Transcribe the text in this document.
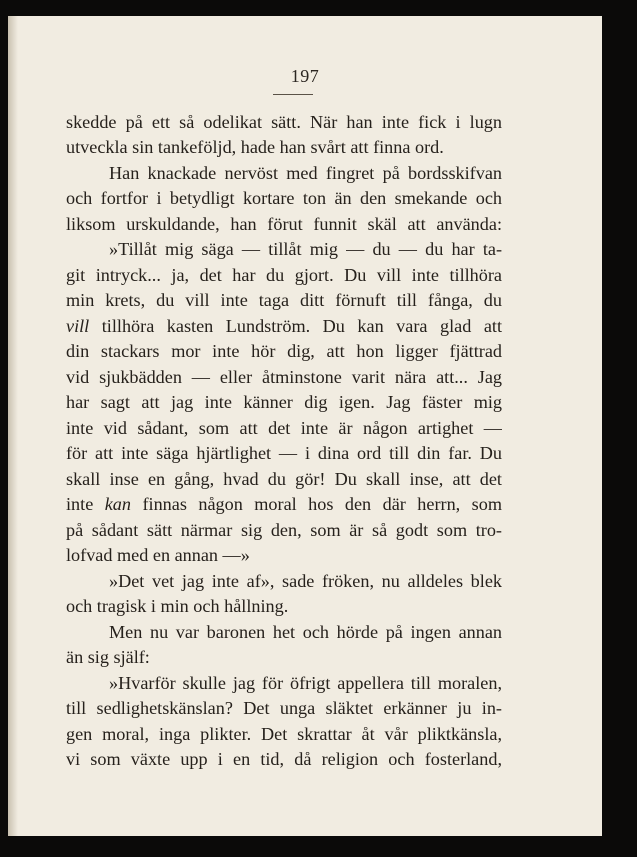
197
skedde på ett så odelikat sätt. När han inte fick i lugn
utveckla sin tankeföljd, hade han svårt att finna ord.
Han knackade nervöst med fingret på bordsskifvan
och fortfor i betydligt kortare ton än den smekande och
liksom urskuldande, han förut funnit skäl att använda:
»Tillåt mig säga — tillåt mig — du — du har ta-
git intryck... ja, det har du gjort. Du vill inte tillhöra
min krets, du vill inte taga ditt förnuft till fånga, du
vill tillhöra kasten Lundström. Du kan vara glad att
din stackars mor inte hör dig, att hon ligger fjättrad
vid sjukbädden — eller åtminstone varit nära att... Jag
har sagt att jag inte känner dig igen. Jag fäster mig
inte vid sådant, som att det inte är någon artighet —
för att inte säga hjärtlighet — i dina ord till din far. Du
skall inse en gång, hvad du gör! Du skall inse, att det
inte kan finnas någon moral hos den där herrn, som
på sådant sätt närmar sig den, som är så godt som tro-
lofvad med en annan —»
»Det vet jag inte af», sade fröken, nu alldeles blek
och tragisk i min och hållning.
Men nu var baronen het och hörde på ingen annan
än sig själf:
»Hvarför skulle jag för öfrigt appellera till moralen,
till sedlighetskänslan? Det unga släktet erkänner ju in-
gen moral, inga plikter. Det skrattar åt vår pliktkänsla,
vi som växte upp i en tid, då religion och fosterland,
